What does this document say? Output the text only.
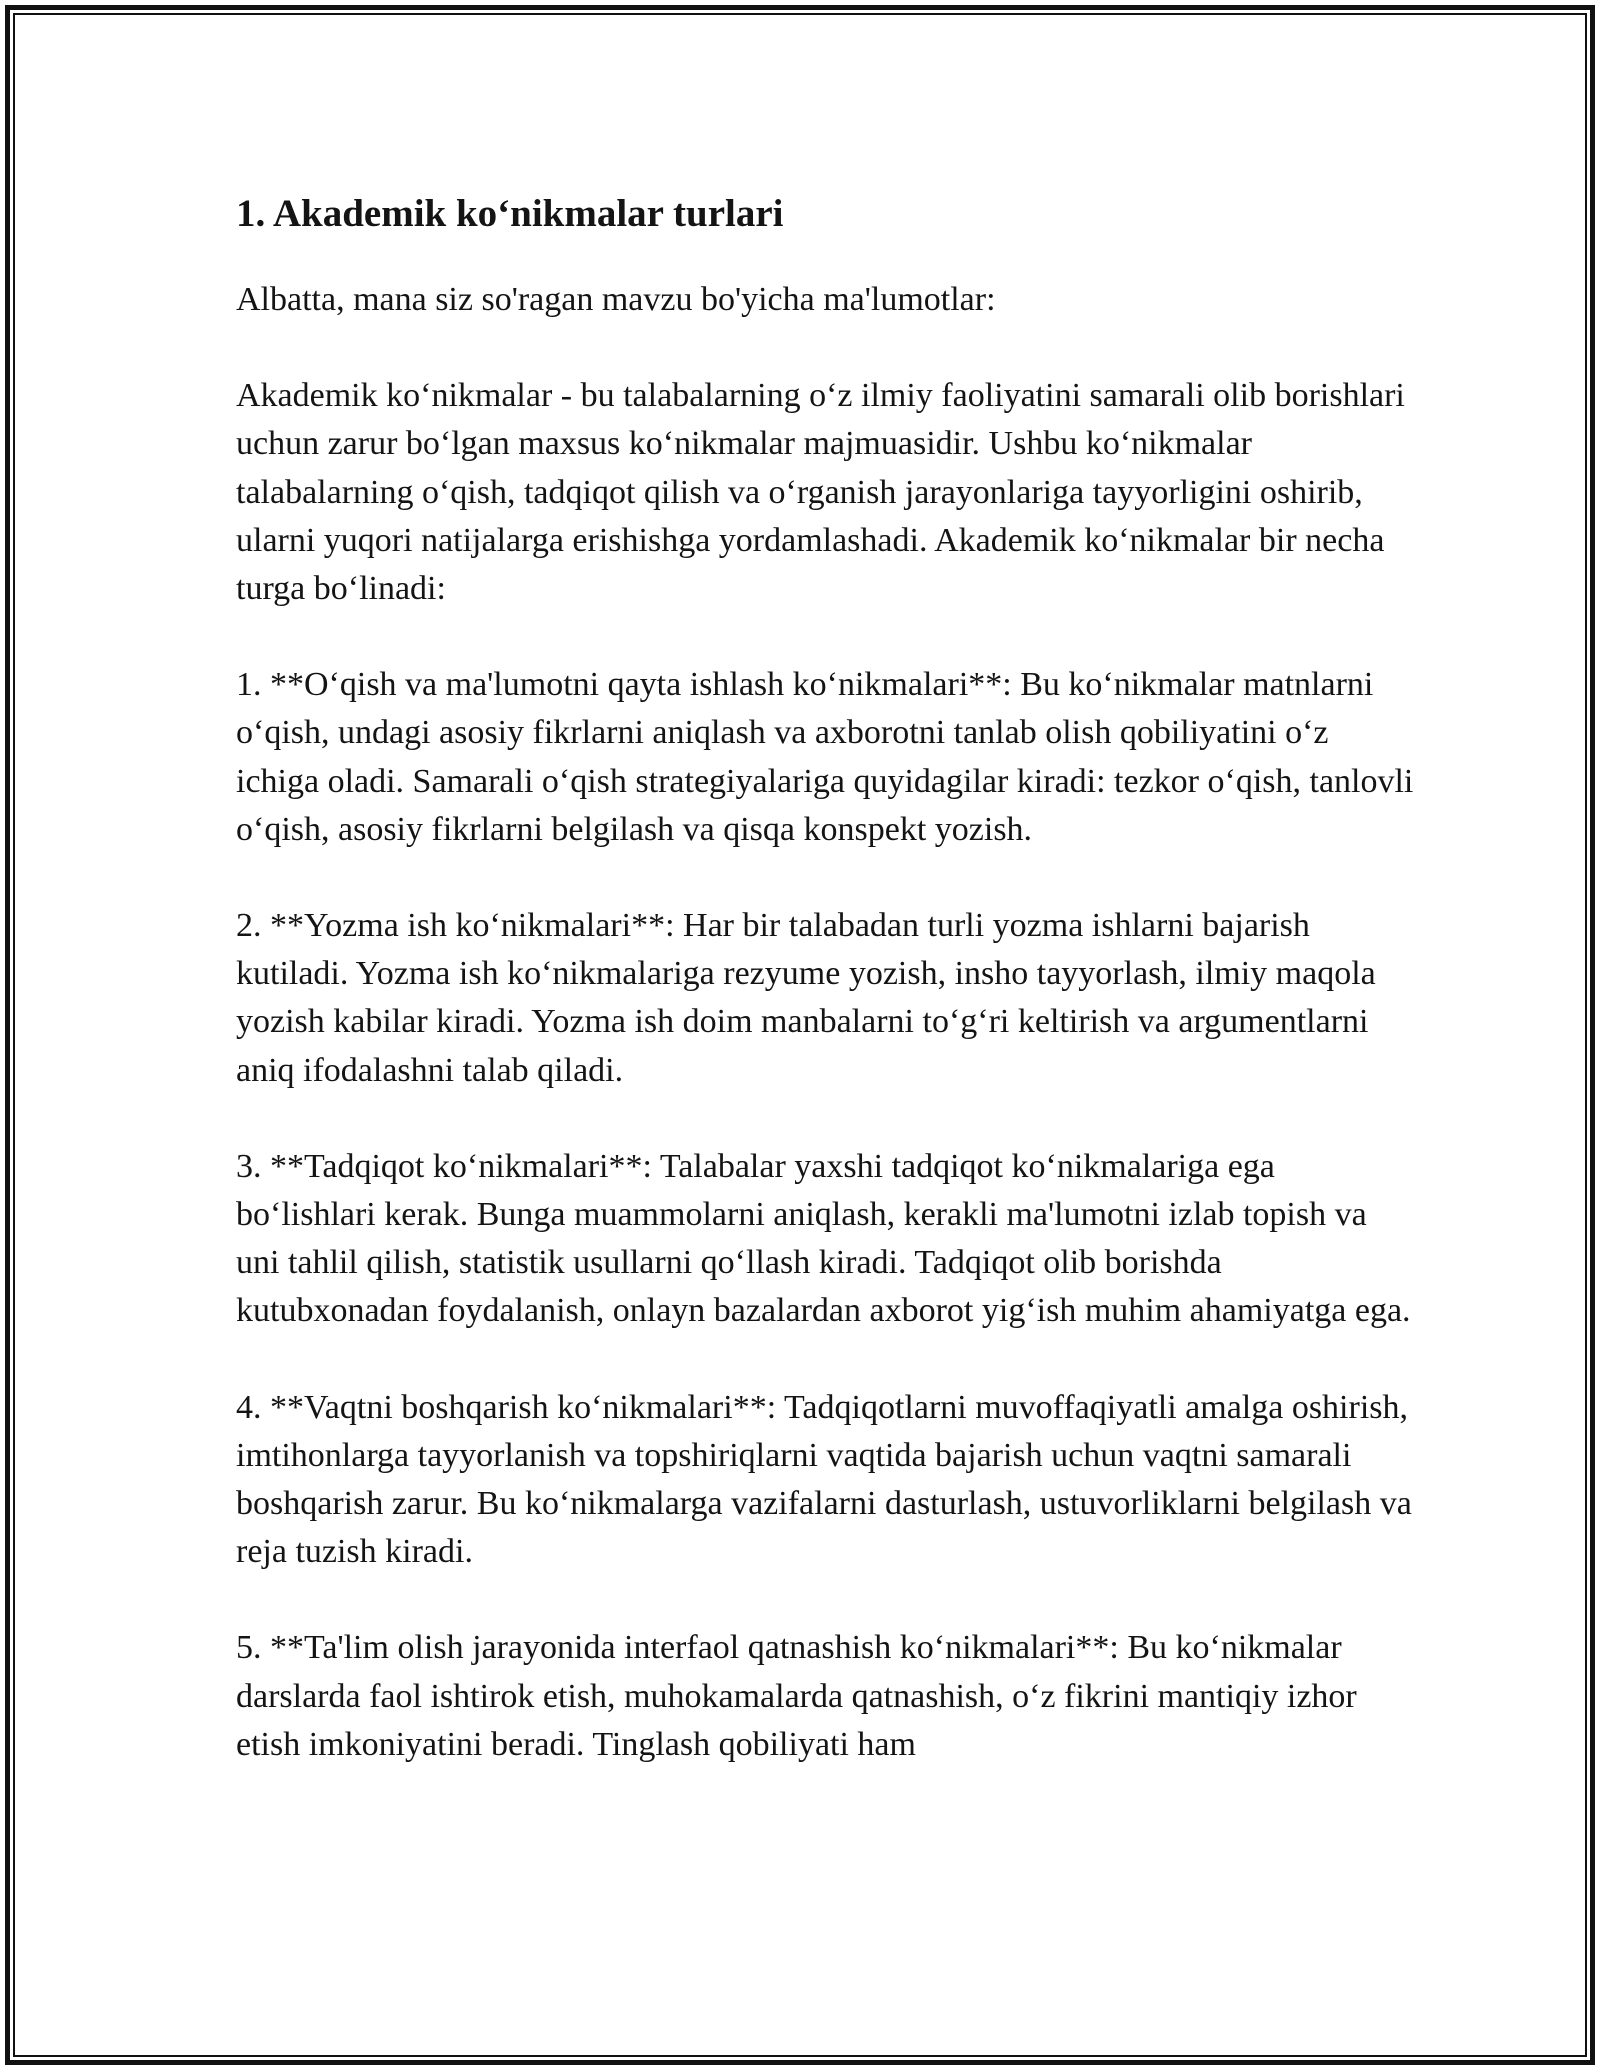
1. Akademik ko‘nikmalar turlari

Albatta, mana siz so'ragan mavzu bo'yicha ma'lumotlar:

Akademik ko‘nikmalar - bu talabalarning o‘z ilmiy faoliyatini samarali olib borishlari uchun zarur bo‘lgan maxsus ko‘nikmalar majmuasidir. Ushbu ko‘nikmalar talabalarning o‘qish, tadqiqot qilish va o‘rganish jarayonlariga tayyorligini oshirib, ularni yuqori natijalarga erishishga yordamlashadi. Akademik ko‘nikmalar bir necha turga bo‘linadi:

1. **O‘qish va ma'lumotni qayta ishlash ko‘nikmalari**: Bu ko‘nikmalar matnlarni o‘qish, undagi asosiy fikrlarni aniqlash va axborotni tanlab olish qobiliyatini o‘z ichiga oladi. Samarali o‘qish strategiyalariga quyidagilar kiradi: tezkor o‘qish, tanlovli o‘qish, asosiy fikrlarni belgilash va qisqa konspekt yozish.

2. **Yozma ish ko‘nikmalari**: Har bir talabadan turli yozma ishlarni bajarish kutiladi. Yozma ish ko‘nikmalariga rezyume yozish, insho tayyorlash, ilmiy maqola yozish kabilar kiradi. Yozma ish doim manbalarni to‘g‘ri keltirish va argumentlarni aniq ifodalashni talab qiladi.

3. **Tadqiqot ko‘nikmalari**: Talabalar yaxshi tadqiqot ko‘nikmalariga ega bo‘lishlari kerak. Bunga muammolarni aniqlash, kerakli ma'lumotni izlab topish va uni tahlil qilish, statistik usullarni qo‘llash kiradi. Tadqiqot olib borishda kutubxonadan foydalanish, onlayn bazalardan axborot yig‘ish muhim ahamiyatga ega.

4. **Vaqtni boshqarish ko‘nikmalari**: Tadqiqotlarni muvoffaqiyatli amalga oshirish, imtihonlarga tayyorlanish va topshiriqlarni vaqtida bajarish uchun vaqtni samarali boshqarish zarur. Bu ko‘nikmalarga vazifalarni dasturlash, ustuvorliklarni belgilash va reja tuzish kiradi.

5. **Ta'lim olish jarayonida interfaol qatnashish ko‘nikmalari**: Bu ko‘nikmalar darslarda faol ishtirok etish, muhokamalarda qatnashish, o‘z fikrini mantiqiy izhor etish imkoniyatini beradi. Tinglash qobiliyati ham
